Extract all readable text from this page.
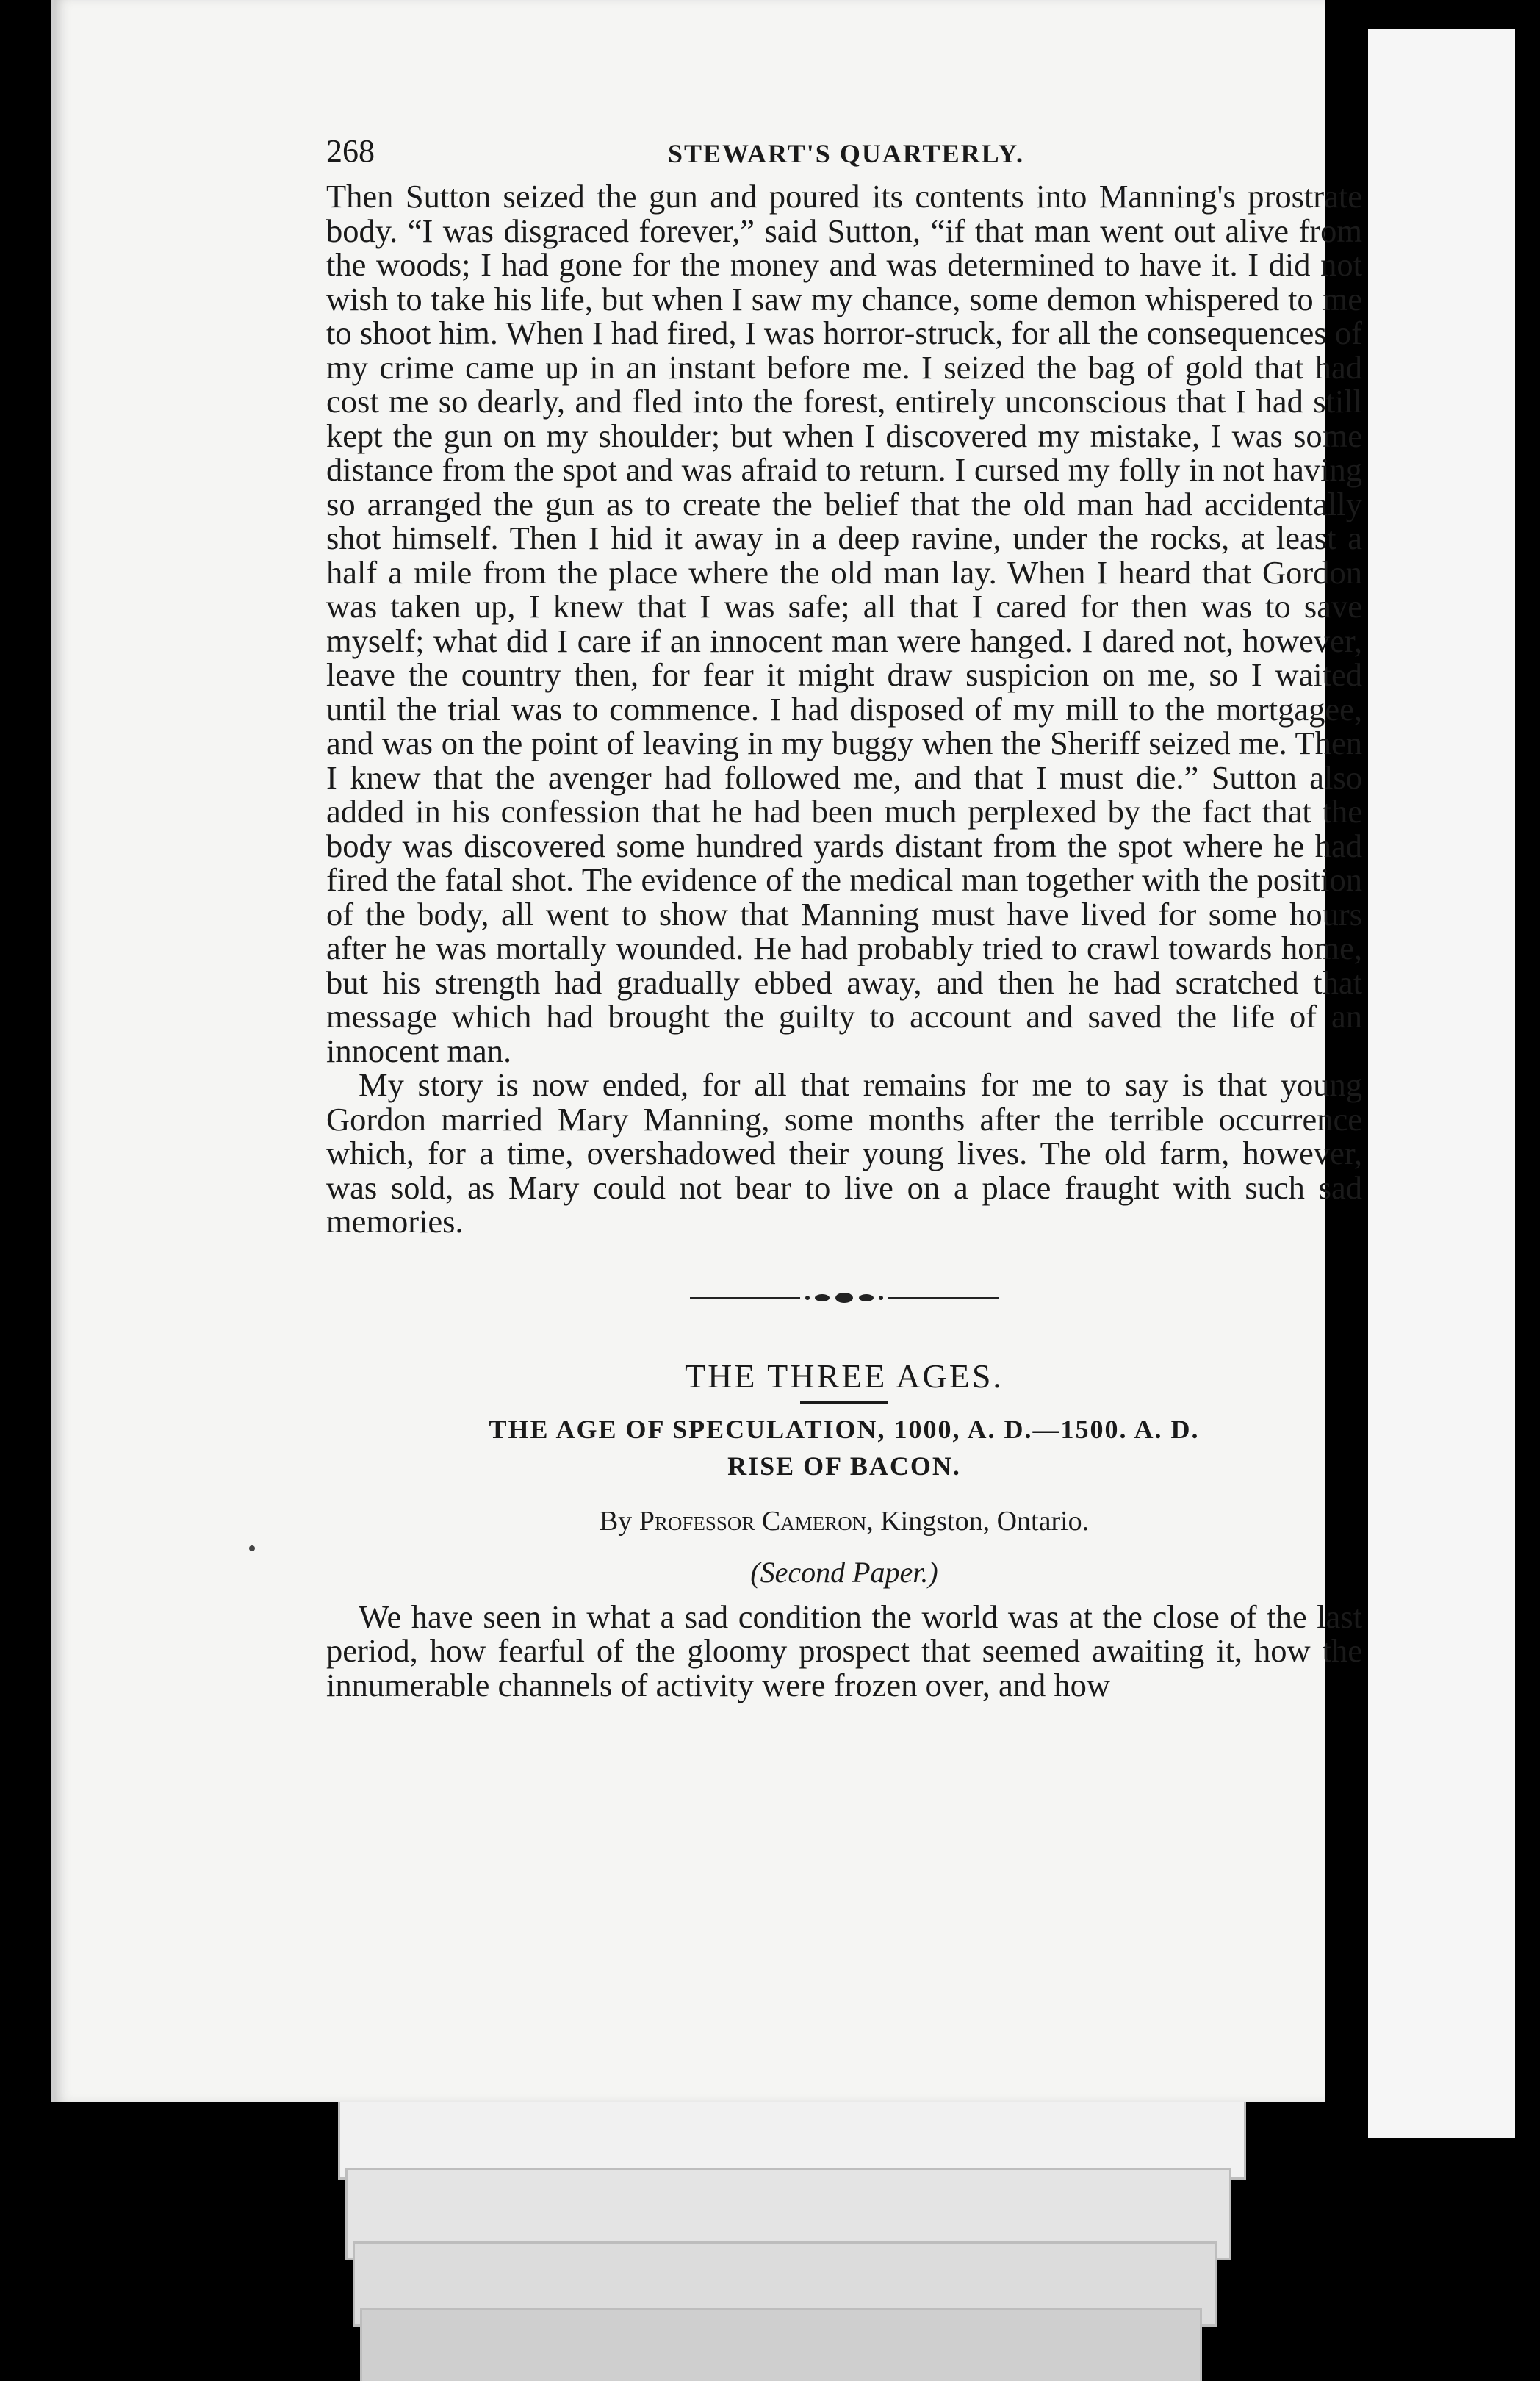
268	STEWART'S QUARTERLY.

Then Sutton seized the gun and poured its contents into Manning's prostrate body. “I was disgraced forever,” said Sutton, “if that man went out alive from the woods; I had gone for the money and was determined to have it. I did not wish to take his life, but when I saw my chance, some demon whispered to me to shoot him. When I had fired, I was horror-struck, for all the consequences of my crime came up in an instant before me. I seized the bag of gold that had cost me so dearly, and fled into the forest, entirely unconscious that I had still kept the gun on my shoulder; but when I discovered my mistake, I was some distance from the spot and was afraid to return. I cursed my folly in not having so arranged the gun as to create the belief that the old man had accidentally shot himself. Then I hid it away in a deep ravine, under the rocks, at least a half a mile from the place where the old man lay. When I heard that Gordon was taken up, I knew that I was safe; all that I cared for then was to save myself; what did I care if an innocent man were hanged. I dared not, however, leave the country then, for fear it might draw suspicion on me, so I waited until the trial was to commence. I had disposed of my mill to the mortgagee, and was on the point of leaving in my buggy when the Sheriff seized me. Then I knew that the avenger had followed me, and that I must die.” Sutton also added in his confession that he had been much perplexed by the fact that the body was discovered some hundred yards distant from the spot where he had fired the fatal shot. The evidence of the medical man together with the position of the body, all went to show that Manning must have lived for some hours after he was mortally wounded. He had probably tried to crawl towards home, but his strength had gradually ebbed away, and then he had scratched that message which had brought the guilty to account and saved the life of an innocent man.

My story is now ended, for all that remains for me to say is that young Gordon married Mary Manning, some months after the terrible occurrence which, for a time, overshadowed their young lives. The old farm, however, was sold, as Mary could not bear to live on a place fraught with such sad memories.

THE THREE AGES.
THE AGE OF SPECULATION, 1000, A. D.—1500. A. D.
RISE OF BACON.
By Professor Cameron, Kingston, Ontario.
(Second Paper.)

We have seen in what a sad condition the world was at the close of the last period, how fearful of the gloomy prospect that seemed awaiting it, how the innumerable channels of activity were frozen over, and how
